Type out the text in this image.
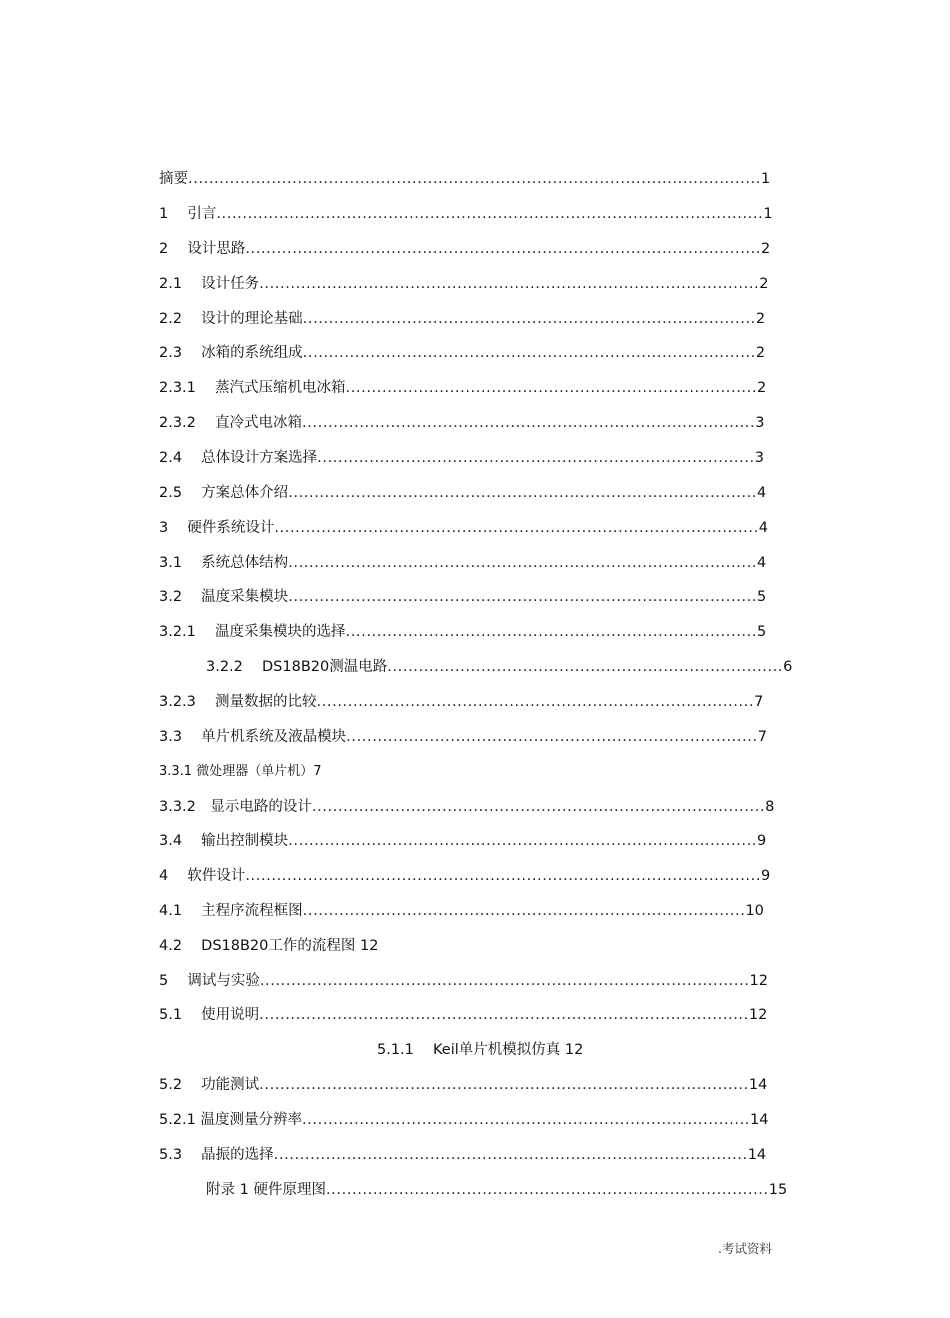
摘要..............................................................................................................1
1　 引言.........................................................................................................1
2　 设计思路...................................................................................................2
2.1　 设计任务................................................................................................2
2.2　 设计的理论基础.......................................................................................2
2.3　 冰箱的系统组成.......................................................................................2
2.3.1　 蒸汽式压缩机电冰箱...............................................................................2
2.3.2　 直冷式电冰箱.......................................................................................3
2.4　 总体设计方案选择....................................................................................3
2.5　 方案总体介绍..........................................................................................4
3　 硬件系统设计.............................................................................................4
3.1　 系统总体结构..........................................................................................4
3.2　 温度采集模块..........................................................................................5
3.2.1　 温度采集模块的选择...............................................................................5
3.2.2　 DS18B20测温电路............................................................................6
3.2.3　 测量数据的比较....................................................................................7
3.3　 单片机系统及液晶模块...............................................................................7
3.3.1 微处理器（单片机）7
3.3.2　显示电路的设计.......................................................................................8
3.4　 输出控制模块..........................................................................................9
4　 软件设计...................................................................................................9
4.1　 主程序流程框图.....................................................................................10
4.2　 DS18B20工作的流程图 12
5　 调试与实验..............................................................................................12
5.1　 使用说明..............................................................................................12
5.1.1　 Keil单片机模拟仿真 12
5.2　 功能测试..............................................................................................14
5.2.1 温度测量分辨率......................................................................................14
5.3　 晶振的选择...........................................................................................14
附录 1 硬件原理图.....................................................................................15
.考试资料
